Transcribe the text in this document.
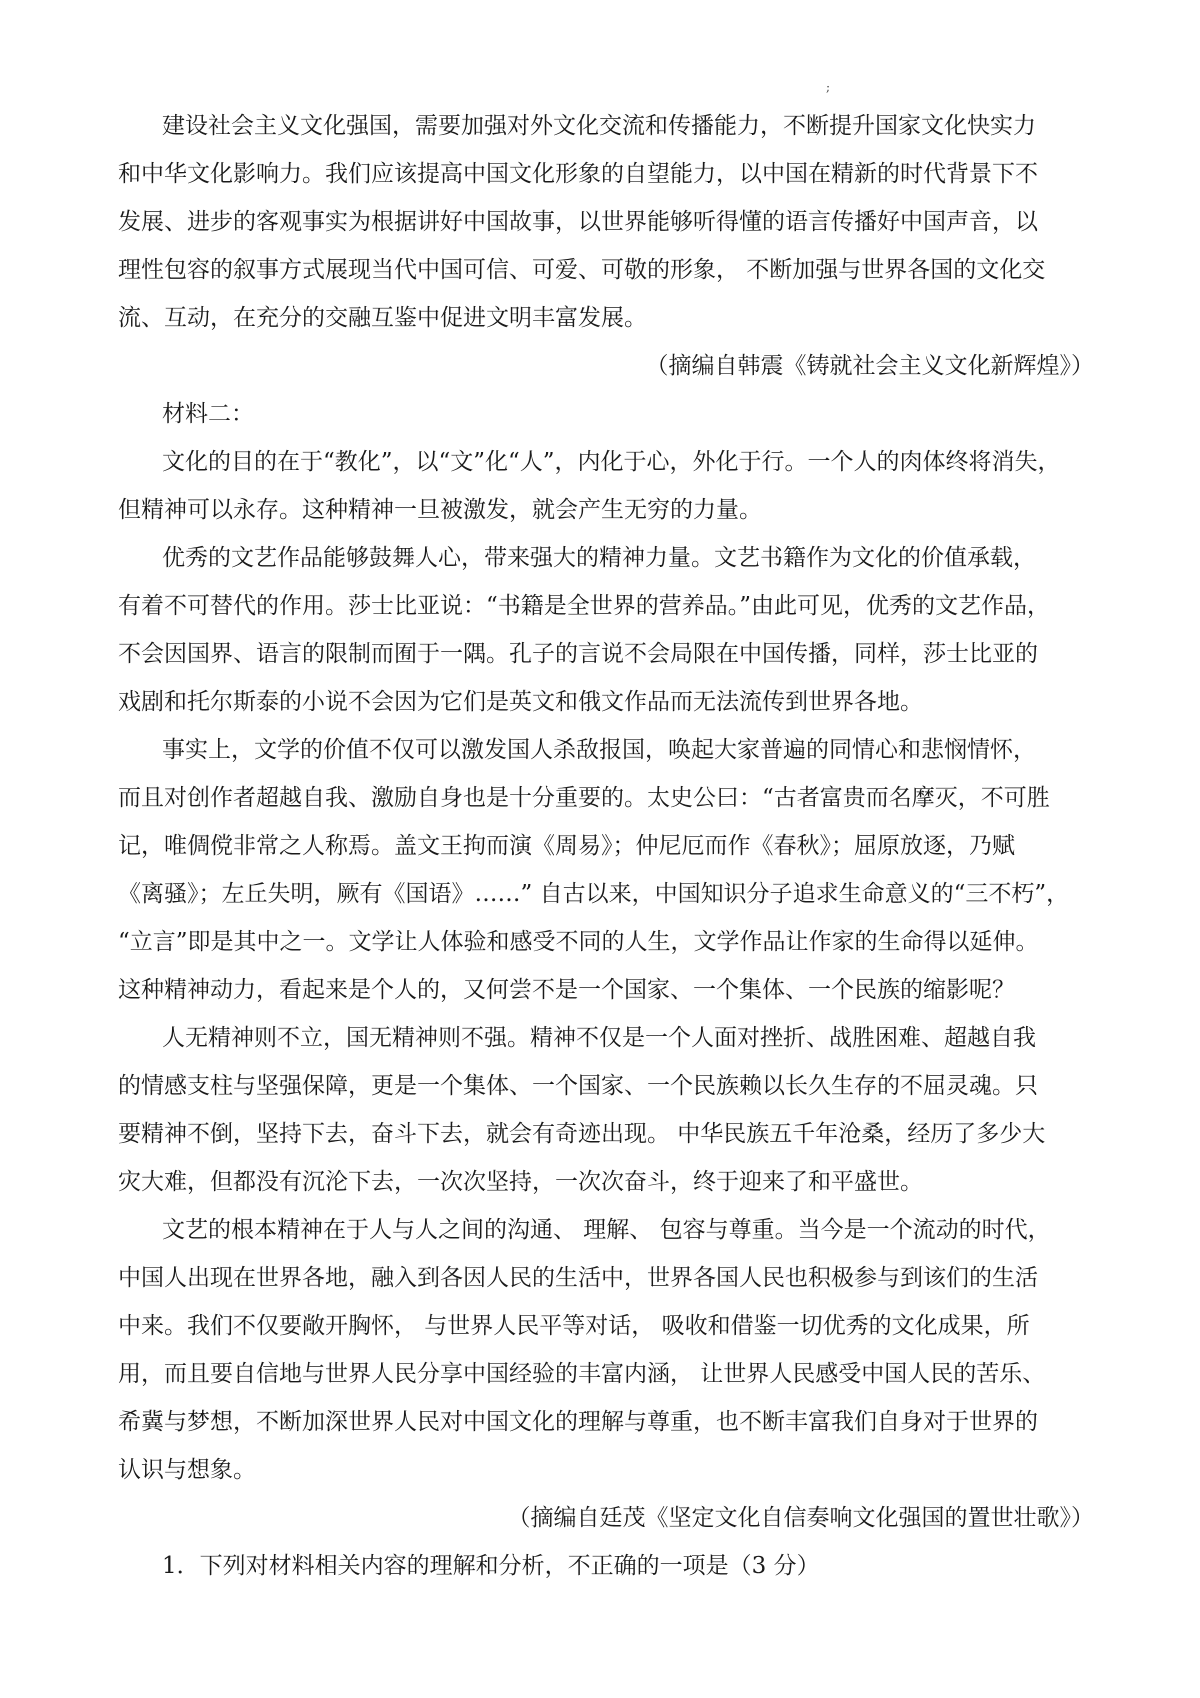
;
建设社会主义文化强国，需要加强对外文化交流和传播能力，不断提升国家文化快实力
和中华文化影响力。我们应该提高中国文化形象的自望能力，以中国在精新的时代背景下不
发展、进步的客观事实为根据讲好中国故事，以世界能够听得懂的语言传播好中国声音，以
理性包容的叙事方式展现当代中国可信、可爱、可敬的形象， 不断加强与世界各国的文化交
流、互动，在充分的交融互鉴中促进文明丰富发展。

（摘编自韩震《铸就社会主义文化新辉煌》）

材料二：

文化的目的在于“教化”，以“文”化“人”，内化于心，外化于行。一个人的肉体终将消失，
但精神可以永存。这种精神一旦被激发，就会产生无穷的力量。
优秀的文艺作品能够鼓舞人心，带来强大的精神力量。文艺书籍作为文化的价值承载，
有着不可替代的作用。莎士比亚说：“书籍是全世界的营养品。”由此可见，优秀的文艺作品，
不会因国界、语言的限制而囿于一隅。孔子的言说不会局限在中国传播，同样，莎士比亚的
戏剧和托尔斯泰的小说不会因为它们是英文和俄文作品而无法流传到世界各地。
事实上，文学的价值不仅可以激发国人杀敌报国，唤起大家普遍的同情心和悲悯情怀，
而且对创作者超越自我、激励自身也是十分重要的。太史公曰：“古者富贵而名摩灭，不可胜
记，唯倜傥非常之人称焉。盖文王拘而演《周易》；仲尼厄而作《春秋》；屈原放逐，乃赋
《离骚》；左丘失明，厥有《国语》……” 自古以来，中国知识分子追求生命意义的“三不朽”，
“立言”即是其中之一。文学让人体验和感受不同的人生，文学作品让作家的生命得以延伸。
这种精神动力，看起来是个人的，又何尝不是一个国家、一个集体、一个民族的缩影呢？
人无精神则不立，国无精神则不强。精神不仅是一个人面对挫折、战胜困难、超越自我
的情感支柱与坚强保障，更是一个集体、一个国家、一个民族赖以长久生存的不屈灵魂。只
要精神不倒，坚持下去，奋斗下去，就会有奇迹出现。 中华民族五千年沧桑，经历了多少大
灾大难，但都没有沉沦下去，一次次坚持，一次次奋斗，终于迎来了和平盛世。
文艺的根本精神在于人与人之间的沟通、 理解、 包容与尊重。当今是一个流动的时代，
中国人出现在世界各地，融入到各因人民的生活中，世界各国人民也积极参与到该们的生活
中来。我们不仅要敞开胸怀， 与世界人民平等对话， 吸收和借鉴一切优秀的文化成果，所
用，而且要自信地与世界人民分享中国经验的丰富内涵， 让世界人民感受中国人民的苦乐、
希冀与梦想，不断加深世界人民对中国文化的理解与尊重，也不断丰富我们自身对于世界的
认识与想象。

（摘编自廷茂《坚定文化自信奏响文化强国的置世壮歌》）

1．下列对材料相关内容的理解和分析，不正确的一项是（3 分）
